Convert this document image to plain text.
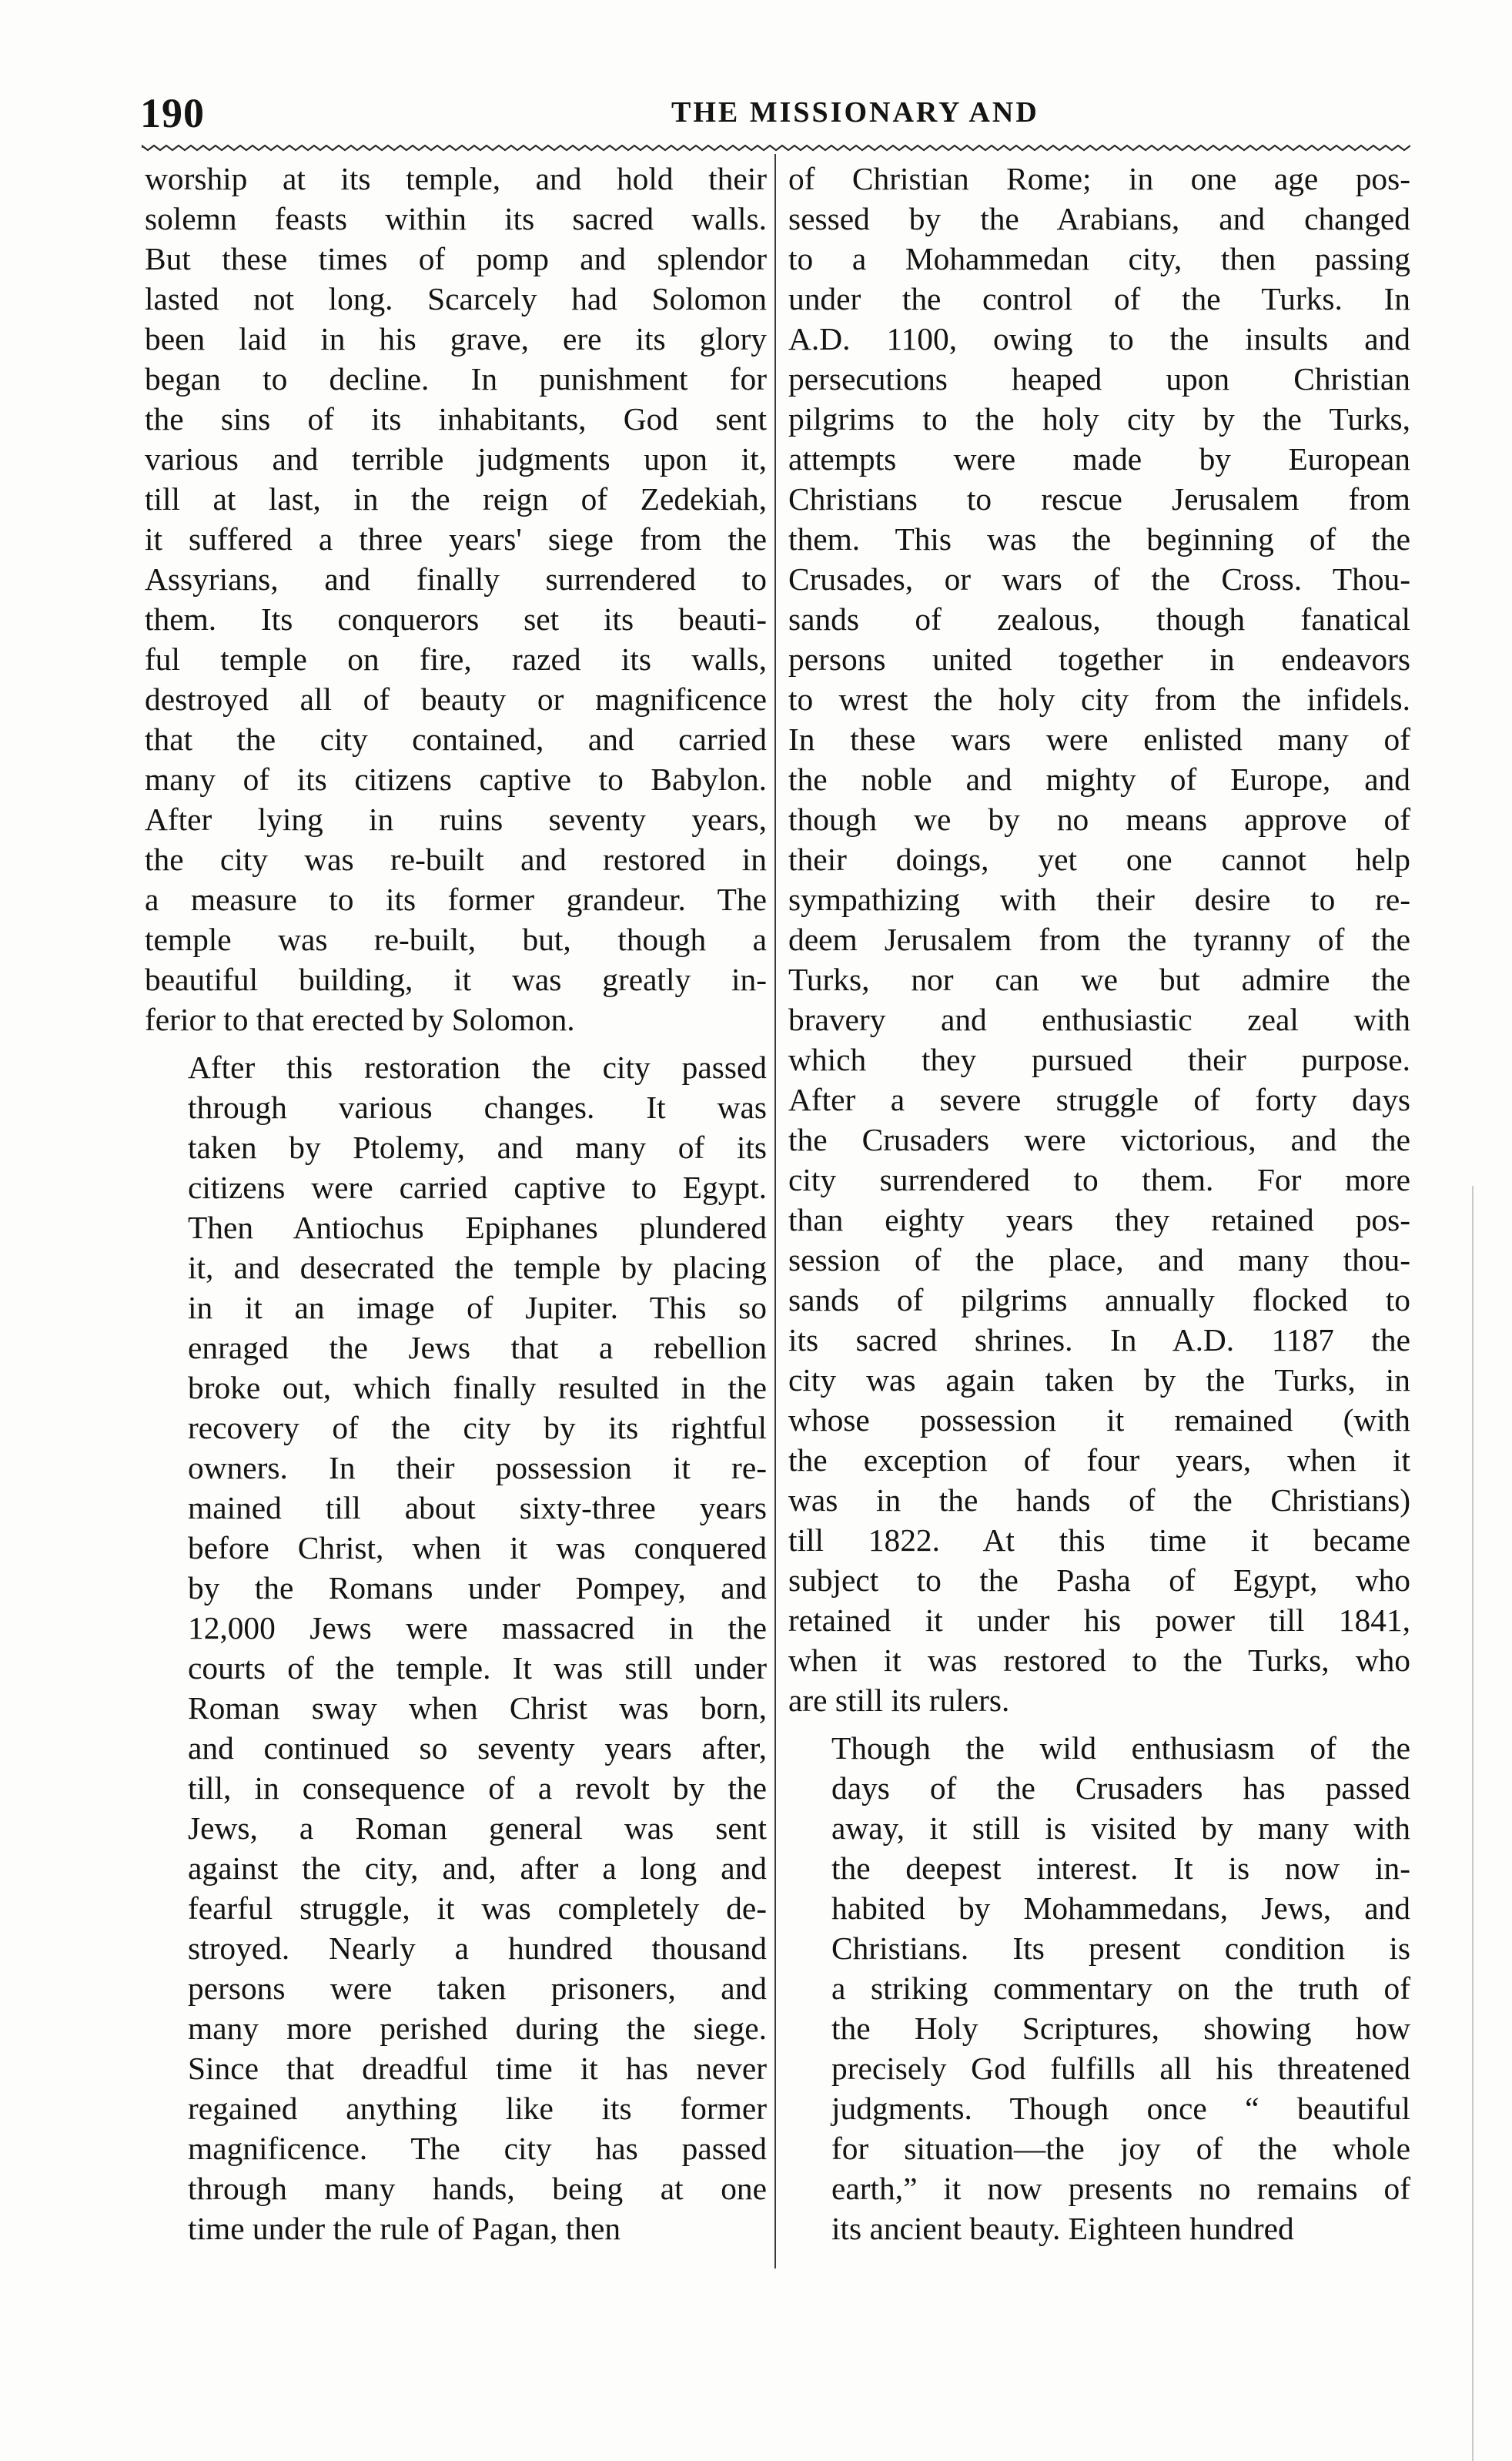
190	THE MISSIONARY AND

worship at its temple, and hold their
solemn feasts within its sacred walls.
But these times of pomp and splendor
lasted not long. Scarcely had Solomon
been laid in his grave, ere its glory
began to decline. In punishment for
the sins of its inhabitants, God sent
various and terrible judgments upon it,
till at last, in the reign of Zedekiah,
it suffered a three years' siege from the
Assyrians, and finally surrendered to
them. Its conquerors set its beauti-
ful temple on fire, razed its walls,
destroyed all of beauty or magnificence
that the city contained, and carried
many of its citizens captive to Babylon.
After lying in ruins seventy years,
the city was re-built and restored in
a measure to its former grandeur. The
temple was re-built, but, though a
beautiful building, it was greatly in-
ferior to that erected by Solomon.

After this restoration the city passed
through various changes. It was
taken by Ptolemy, and many of its
citizens were carried captive to Egypt.
Then Antiochus Epiphanes plundered
it, and desecrated the temple by placing
in it an image of Jupiter. This so
enraged the Jews that a rebellion
broke out, which finally resulted in the
recovery of the city by its rightful
owners. In their possession it re-
mained till about sixty-three years
before Christ, when it was conquered
by the Romans under Pompey, and
12,000 Jews were massacred in the
courts of the temple. It was still under
Roman sway when Christ was born,
and continued so seventy years after,
till, in consequence of a revolt by the
Jews, a Roman general was sent
against the city, and, after a long and
fearful struggle, it was completely de-
stroyed. Nearly a hundred thousand
persons were taken prisoners, and
many more perished during the siege.
Since that dreadful time it has never
regained anything like its former
magnificence. The city has passed
through many hands, being at one
time under the rule of Pagan, then

of Christian Rome; in one age pos-
sessed by the Arabians, and changed
to a Mohammedan city, then passing
under the control of the Turks. In
A.D. 1100, owing to the insults and
persecutions heaped upon Christian
pilgrims to the holy city by the Turks,
attempts were made by European
Christians to rescue Jerusalem from
them. This was the beginning of the
Crusades, or wars of the Cross. Thou-
sands of zealous, though fanatical
persons united together in endeavors
to wrest the holy city from the infidels.
In these wars were enlisted many of
the noble and mighty of Europe, and
though we by no means approve of
their doings, yet one cannot help
sympathizing with their desire to re-
deem Jerusalem from the tyranny of the
Turks, nor can we but admire the
bravery and enthusiastic zeal with
which they pursued their purpose.
After a severe struggle of forty days
the Crusaders were victorious, and the
city surrendered to them. For more
than eighty years they retained pos-
session of the place, and many thou-
sands of pilgrims annually flocked to
its sacred shrines. In A.D. 1187 the
city was again taken by the Turks, in
whose possession it remained (with
the exception of four years, when it
was in the hands of the Christians)
till 1822. At this time it became
subject to the Pasha of Egypt, who
retained it under his power till 1841,
when it was restored to the Turks, who
are still its rulers.

Though the wild enthusiasm of the
days of the Crusaders has passed
away, it still is visited by many with
the deepest interest. It is now in-
habited by Mohammedans, Jews, and
Christians. Its present condition is
a striking commentary on the truth of
the Holy Scriptures, showing how
precisely God fulfills all his threatened
judgments. Though once “ beautiful
for situation—the joy of the whole
earth,” it now presents no remains of
its ancient beauty. Eighteen hundred
